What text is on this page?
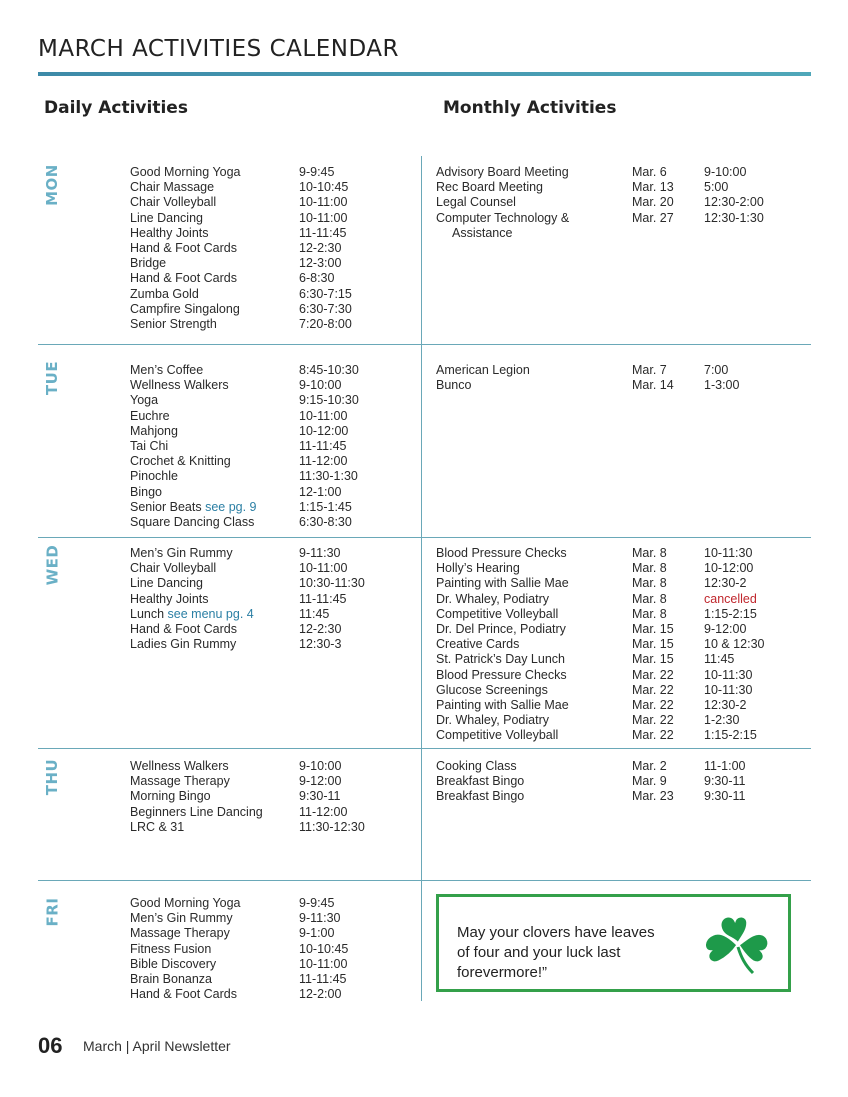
MARCH ACTIVITIES CALENDAR
Daily Activities	Monthly Activities
MON	Good Morning Yoga	9-9:45
Chair Massage	10-10:45
Chair Volleyball	10-11:00
Line Dancing	10-11:00
Healthy Joints	11-11:45
Hand & Foot Cards	12-2:30
Bridge	12-3:00
Hand & Foot Cards	6-8:30
Zumba Gold	6:30-7:15
Campfire Singalong	6:30-7:30
Senior Strength	7:20-8:00
Advisory Board Meeting	Mar. 6	9-10:00
Rec Board Meeting	Mar. 13 5:00
Legal Counsel	Mar. 20 12:30-2:00
Computer Technology &	Mar. 27 12:30-1:30
Assistance
TUE	Men’s Coffee	8:45-10:30
Wellness Walkers	9-10:00
Yoga	9:15-10:30
Euchre	10-11:00
Mahjong	10-12:00
Tai Chi	11-11:45
Crochet & Knitting	11-12:00
Pinochle	11:30-1:30
Bingo	12-1:00
Senior Beats see pg. 9	1:15-1:45
Square Dancing Class	6:30-8:30
American Legion	Mar. 7	7:00
Bunco	Mar. 14 1-3:00
WED	Men’s Gin Rummy	9-11:30
Chair Volleyball	10-11:00
Line Dancing	10:30-11:30
Healthy Joints	11-11:45
Lunch see menu pg. 4	11:45
Hand & Foot Cards	12-2:30
Ladies Gin Rummy	12:30-3
Blood Pressure Checks	Mar. 8	10-11:30
Holly’s Hearing	Mar. 8	10-12:00
Painting with Sallie Mae	Mar. 8	12:30-2
Dr. Whaley, Podiatry	Mar. 8	cancelled
Competitive Volleyball	Mar. 8	1:15-2:15
Dr. Del Prince, Podiatry	Mar. 15 9-12:00
Creative Cards	Mar. 15 10 & 12:30
St. Patrick’s Day Lunch	Mar. 15 11:45
Blood Pressure Checks	Mar. 22 10-11:30
Glucose Screenings	Mar. 22 10-11:30
Painting with Sallie Mae	Mar. 22 12:30-2
Dr. Whaley, Podiatry	Mar. 22 1-2:30
Competitive Volleyball	Mar. 22 1:15-2:15
THU	Wellness Walkers	9-10:00
Massage Therapy	9-12:00
Morning Bingo	9:30-11
Beginners Line Dancing	11-12:00
LRC & 31	11:30-12:30
Cooking Class	Mar. 2	11-1:00
Breakfast Bingo	Mar. 9	9:30-11
Breakfast Bingo	Mar. 23 9:30-11
FRI	Good Morning Yoga	9-9:45
Men’s Gin Rummy	9-11:30
Massage Therapy	9-1:00
Fitness Fusion	10-10:45
Bible Discovery	10-11:00
Brain Bonanza	11-11:45
Hand & Foot Cards	12-2:00
May your clovers have leaves
of four and your luck last
forevermore!”
06 March | April Newsletter
